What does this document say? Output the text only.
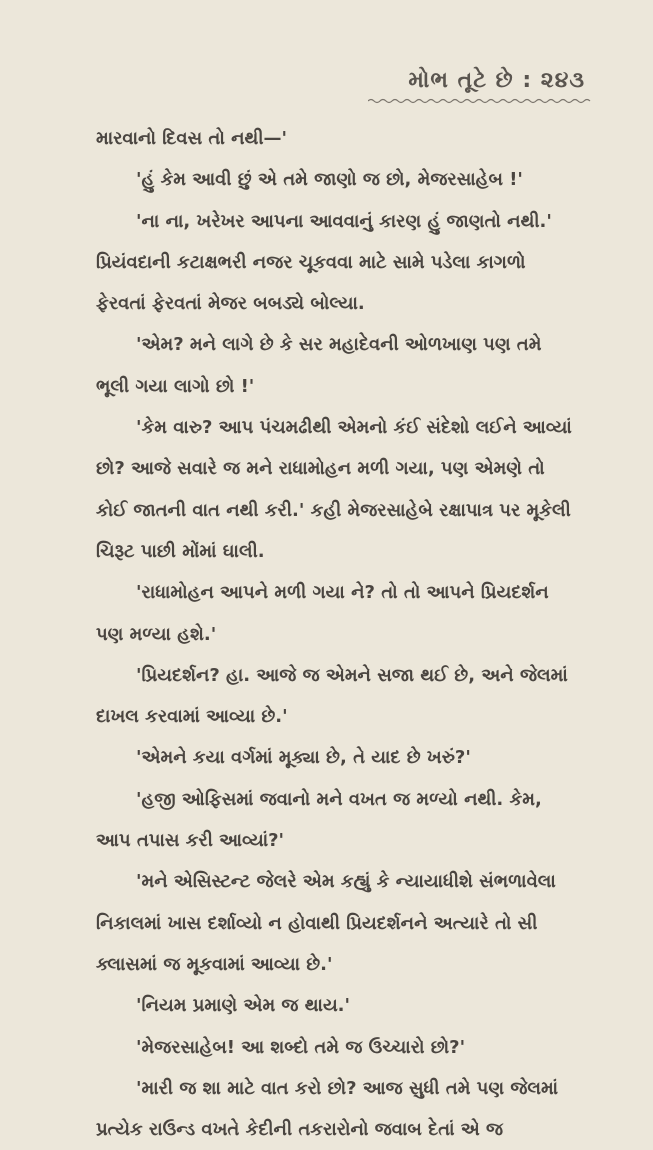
મોભ તૂટે છે : ૨૪૩

મારવાનો દિવસ તો નથી—'

'હું કેમ આવી છું એ તમે જાણો જ છો, મેજરસાહેબ !'

'ના ના, ખરેખર આપના આવવાનું કારણ હું જાણતો નથી.' પ્રિયંવદાની કટાક્ષભરી નજર ચૂકવવા માટે સામે પડેલા કાગળો ફેરવતાં ફેરવતાં મેજર બબડ્યે બોલ્યા.

'એમ? મને લાગે છે કે સર મહાદેવની ઓળખાણ પણ તમે ભૂલી ગયા લાગો છો !'

'કેમ વારુ? આપ પંચમઢીથી એમનો કંઈ સંદેશો લઈને આવ્યાં છો? આજે સવારે જ મને રાધામોહન મળી ગયા, પણ એમણે તો કોઈ જાતની વાત નથી કરી.' કહી મેજરસાહેબે રક્ષાપાત્ર પર મૂકેલી ચિરૂટ પાછી મોંમાં ઘાલી.

'રાધામોહન આપને મળી ગયા ને? તો તો આપને પ્રિયદર્શન પણ મળ્યા હશે.'

'પ્રિયદર્શન? હા. આજે જ એમને સજા થઈ છે, અને જેલમાં દાખલ કરવામાં આવ્યા છે.'

'એમને કયા વર્ગમાં મૂક્યા છે, તે યાદ છે ખરું?'

'હજી ઓફિસમાં જવાનો મને વખત જ મળ્યો નથી. કેમ, આપ તપાસ કરી આવ્યાં?'

'મને એસિસ્ટન્ટ જેલરે એમ કહ્યું કે ન્યાયાધીશે સંભળાવેલા નિકાલમાં ખાસ દર્શાવ્યો ન હોવાથી પ્રિયદર્શનને અત્યારે તો સી ક્લાસમાં જ મૂકવામાં આવ્યા છે.'

'નિયમ પ્રમાણે એમ જ થાય.'

'મેજરસાહેબ! આ શબ્દો તમે જ ઉચ્ચારો છો?'

'મારી જ શા માટે વાત કરો છો? આજ સુધી તમે પણ જેલમાં પ્રત્યેક રાઉન્ડ વખતે કેદીની તકરારોનો જવાબ દેતાં એ જ
